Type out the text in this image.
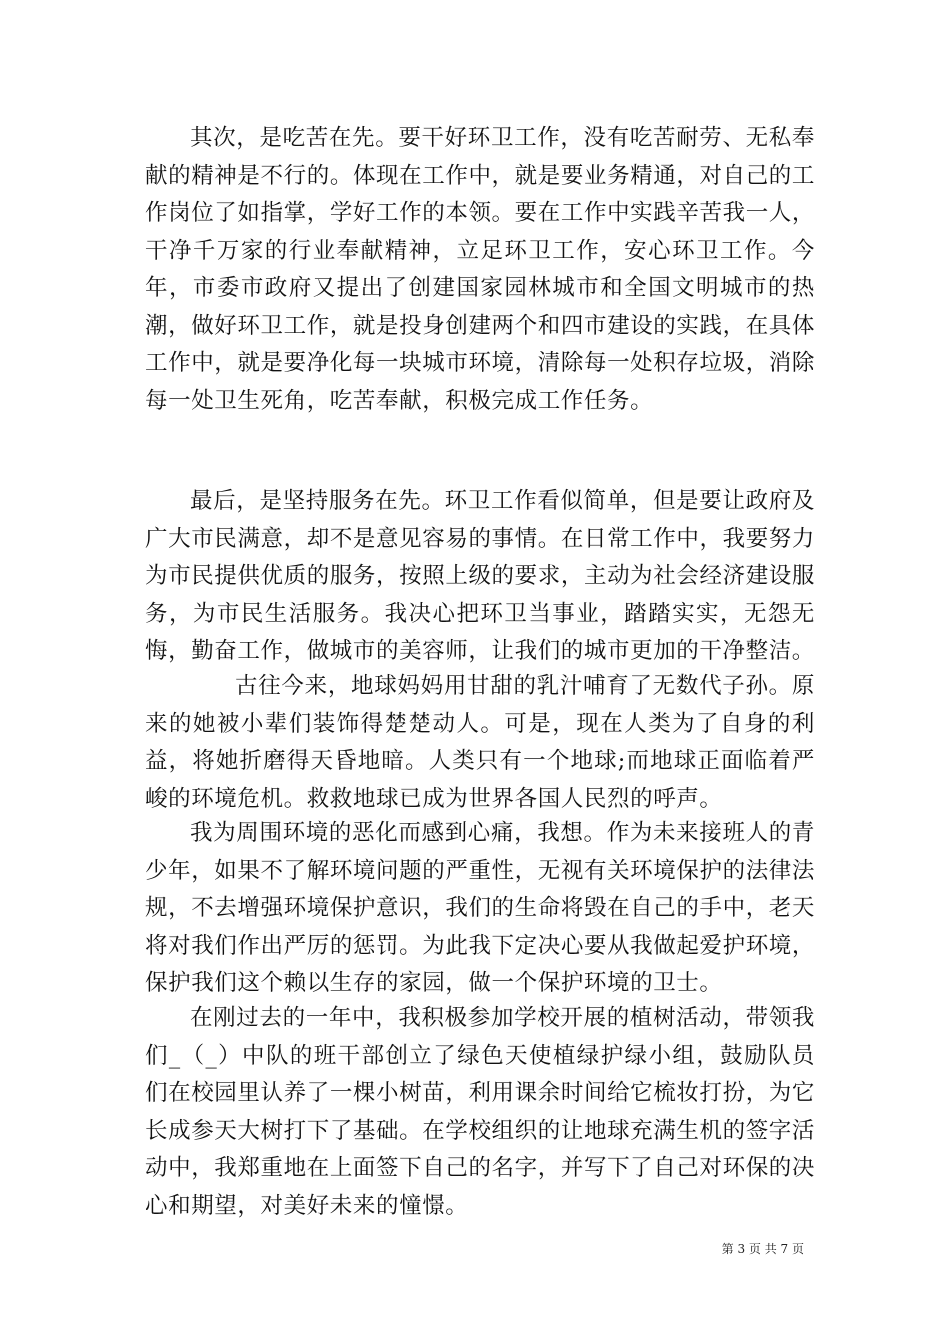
其次，是吃苦在先。要干好环卫工作，没有吃苦耐劳、无私奉献的精神是不行的。体现在工作中，就是要业务精通，对自己的工作岗位了如指掌，学好工作的本领。要在工作中实践辛苦我一人，干净千万家的行业奉献精神，立足环卫工作，安心环卫工作。今年，市委市政府又提出了创建国家园林城市和全国文明城市的热潮，做好环卫工作，就是投身创建两个和四市建设的实践，在具体工作中，就是要净化每一块城市环境，清除每一处积存垃圾，消除每一处卫生死角，吃苦奉献，积极完成工作任务。

最后，是坚持服务在先。环卫工作看似简单，但是要让政府及广大市民满意，却不是意见容易的事情。在日常工作中，我要努力为市民提供优质的服务，按照上级的要求，主动为社会经济建设服务，为市民生活服务。我决心把环卫当事业，踏踏实实，无怨无悔，勤奋工作，做城市的美容师，让我们的城市更加的干净整洁。

古往今来，地球妈妈用甘甜的乳汁哺育了无数代子孙。原来的她被小辈们装饰得楚楚动人。可是，现在人类为了自身的利益，将她折磨得天昏地暗。人类只有一个地球;而地球正面临着严峻的环境危机。救救地球已成为世界各国人民烈的呼声。

我为周围环境的恶化而感到心痛，我想。作为未来接班人的青少年，如果不了解环境问题的严重性，无视有关环境保护的法律法规，不去增强环境保护意识，我们的生命将毁在自己的手中，老天将对我们作出严厉的惩罚。为此我下定决心要从我做起爱护环境，保护我们这个赖以生存的家园，做一个保护环境的卫士。

在刚过去的一年中，我积极参加学校开展的植树活动，带领我们_（_）中队的班干部创立了绿色天使植绿护绿小组，鼓励队员们在校园里认养了一棵小树苗，利用课余时间给它梳妆打扮，为它长成参天大树打下了基础。在学校组织的让地球充满生机的签字活动中，我郑重地在上面签下自己的名字，并写下了自己对环保的决心和期望，对美好未来的憧憬。

第 3 页 共 7 页
